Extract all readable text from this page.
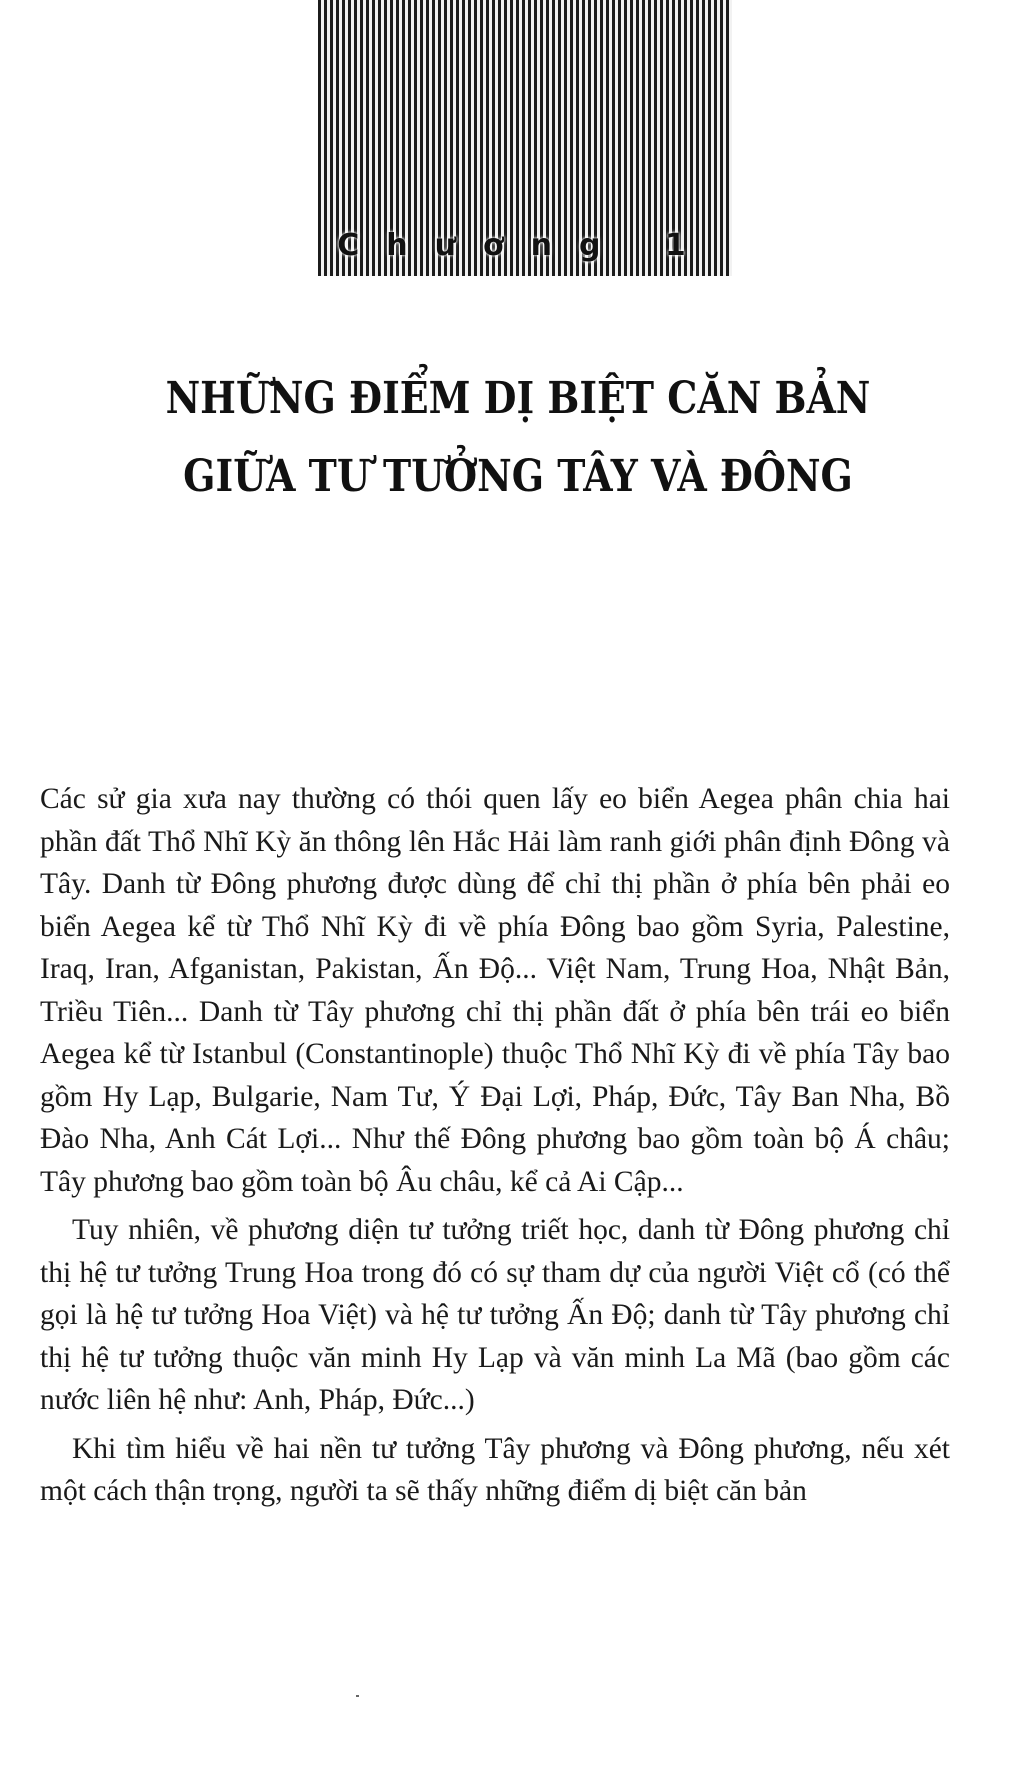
Chương 1
NHỮNG ĐIỂM DỊ BIỆT CĂN BẢN
GIỮA TƯ TƯỞNG TÂY VÀ ĐÔNG

Các sử gia xưa nay thường có thói quen lấy eo biển Aegea phân chia hai phần đất Thổ Nhĩ Kỳ ăn thông lên Hắc Hải làm ranh giới phân định Đông và Tây. Danh từ Đông phương được dùng để chỉ thị phần ở phía bên phải eo biển Aegea kể từ Thổ Nhĩ Kỳ đi về phía Đông bao gồm Syria, Palestine, Iraq, Iran, Afganistan, Pakistan, Ấn Độ... Việt Nam, Trung Hoa, Nhật Bản, Triều Tiên... Danh từ Tây phương chỉ thị phần đất ở phía bên trái eo biển Aegea kể từ Istanbul (Constantinople) thuộc Thổ Nhĩ Kỳ đi về phía Tây bao gồm Hy Lạp, Bulgarie, Nam Tư, Ý Đại Lợi, Pháp, Đức, Tây Ban Nha, Bồ Đào Nha, Anh Cát Lợi... Như thế Đông phương bao gồm toàn bộ Á châu; Tây phương bao gồm toàn bộ Âu châu, kể cả Ai Cập...

Tuy nhiên, về phương diện tư tưởng triết học, danh từ Đông phương chỉ thị hệ tư tưởng Trung Hoa trong đó có sự tham dự của người Việt cổ (có thể gọi là hệ tư tưởng Hoa Việt) và hệ tư tưởng Ấn Độ; danh từ Tây phương chỉ thị hệ tư tưởng thuộc văn minh Hy Lạp và văn minh La Mã (bao gồm các nước liên hệ như: Anh, Pháp, Đức...)

Khi tìm hiểu về hai nền tư tưởng Tây phương và Đông phương, nếu xét một cách thận trọng, người ta sẽ thấy những điểm dị biệt căn bản
